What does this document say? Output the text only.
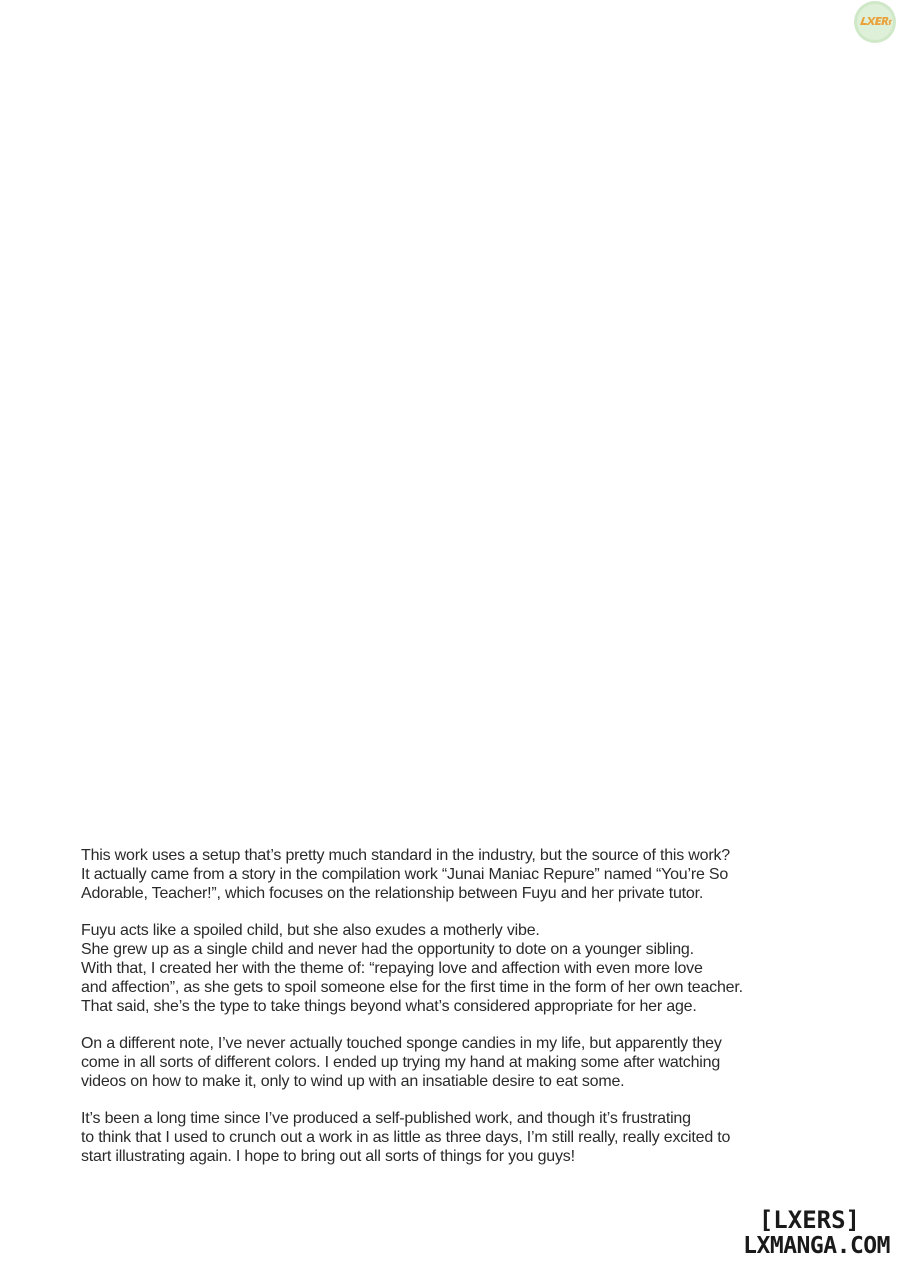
This work uses a setup that’s pretty much standard in the industry, but the source of this work?
It actually came from a story in the compilation work “Junai Maniac Repure” named “You’re So
Adorable, Teacher!”, which focuses on the relationship between Fuyu and her private tutor.

Fuyu acts like a spoiled child, but she also exudes a motherly vibe.
She grew up as a single child and never had the opportunity to dote on a younger sibling.
With that, I created her with the theme of: “repaying love and affection with even more love
and affection”, as she gets to spoil someone else for the first time in the form of her own teacher.
That said, she’s the type to take things beyond what’s considered appropriate for her age.

On a different note, I’ve never actually touched sponge candies in my life, but apparently they
come in all sorts of different colors. I ended up trying my hand at making some after watching
videos on how to make it, only to wind up with an insatiable desire to eat some.

It’s been a long time since I’ve produced a self-published work, and though it’s frustrating
to think that I used to crunch out a work in as little as three days, I’m still really, really excited to
start illustrating again. I hope to bring out all sorts of things for you guys!

[LXERS]
LXMANGA.COM
